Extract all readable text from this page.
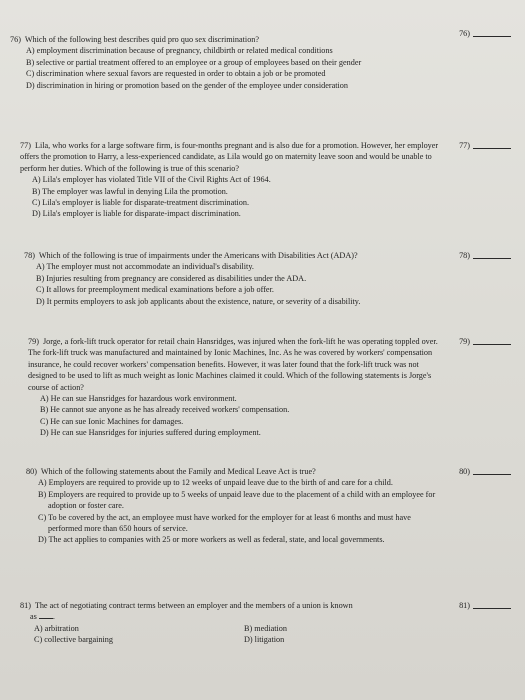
76)
76) Which of the following best describes quid pro quo sex discrimination?
A) employment discrimination because of pregnancy, childbirth or related medical conditions
B) selective or partial treatment offered to an employee or a group of employees based on their gender
C) discrimination where sexual favors are requested in order to obtain a job or be promoted
D) discrimination in hiring or promotion based on the gender of the employee under consideration
77)
77) Lila, who works for a large software firm, is four-months pregnant and is also due for a promotion. However, her employer offers the promotion to Harry, a less-experienced candidate, as Lila would go on maternity leave soon and would be unable to perform her duties. Which of the following is true of this scenario?
A) Lila's employer has violated Title VII of the Civil Rights Act of 1964.
B) The employer was lawful in denying Lila the promotion.
C) Lila's employer is liable for disparate-treatment discrimination.
D) Lila's employer is liable for disparate-impact discrimination.
78)
78) Which of the following is true of impairments under the Americans with Disabilities Act (ADA)?
A) The employer must not accommodate an individual's disability.
B) Injuries resulting from pregnancy are considered as disabilities under the ADA.
C) It allows for preemployment medical examinations before a job offer.
D) It permits employers to ask job applicants about the existence, nature, or severity of a disability.
79)
79) Jorge, a fork-lift truck operator for retail chain Hansridges, was injured when the fork-lift he was operating toppled over. The fork-lift truck was manufactured and maintained by Ionic Machines, Inc. As he was covered by workers' compensation insurance, he could recover workers' compensation benefits. However, it was later found that the fork-lift truck was not designed to be used to lift as much weight as Ionic Machines claimed it could. Which of the following statements is Jorge's course of action?
A) He can sue Hansridges for hazardous work environment.
B) He cannot sue anyone as he has already received workers' compensation.
C) He can sue Ionic Machines for damages.
D) He can sue Hansridges for injuries suffered during employment.
80)
80) Which of the following statements about the Family and Medical Leave Act is true?
A) Employers are required to provide up to 12 weeks of unpaid leave due to the birth of and care for a child.
B) Employers are required to provide up to 5 weeks of unpaid leave due to the placement of a child with an employee for adoption or foster care.
C) To be covered by the act, an employee must have worked for the employer for at least 6 months and must have performed more than 650 hours of service.
D) The act applies to companies with 25 or more workers as well as federal, state, and local governments.
81)
81) The act of negotiating contract terms between an employer and the members of a union is known
as .
A) arbitration	B) mediation
C) collective bargaining	D) litigation
